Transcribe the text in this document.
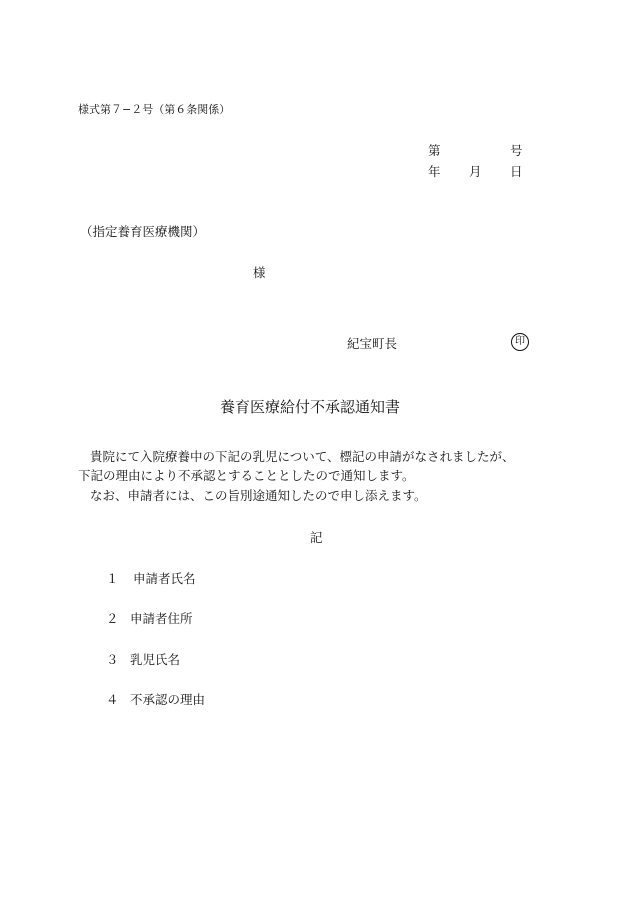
様式第７−２号（第６条関係）
第	号
年 月 日
（指定養育医療機関）
様
紀宝町長	印
養育医療給付不承認通知書
貴院にて入院療養中の下記の乳児について、標記の申請がなされましたが、
下記の理由により不承認とすることとしたので通知します。
なお、申請者には、この旨別途通知したので申し添えます。
記
１ 申請者氏名
２ 申請者住所
３ 乳児氏名
４ 不承認の理由
